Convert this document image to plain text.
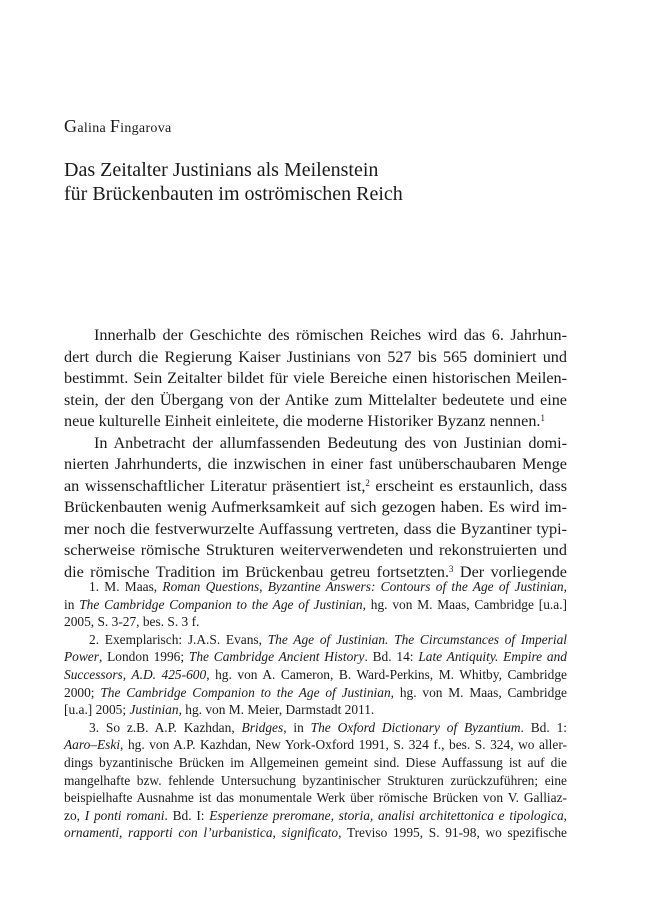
Galina Fingarova
Das Zeitalter Justinians als Meilenstein
für Brückenbauten im oströmischen Reich
Innerhalb der Geschichte des römischen Reiches wird das 6. Jahrhun-
dert durch die Regierung Kaiser Justinians von 527 bis 565 dominiert und
bestimmt. Sein Zeitalter bildet für viele Bereiche einen historischen Meilen-
stein, der den Übergang von der Antike zum Mittelalter bedeutete und eine
neue kulturelle Einheit einleitete, die moderne Historiker Byzanz nennen.$^1$
In Anbetracht der allumfassenden Bedeutung des von Justinian domi-
nierten Jahrhunderts, die inzwischen in einer fast unüberschaubaren Menge
an wissenschaftlicher Literatur präsentiert ist,$^2$ erscheint es erstaunlich, dass
Brückenbauten wenig Aufmerksamkeit auf sich gezogen haben. Es wird im-
mer noch die festverwurzelte Auffassung vertreten, dass die Byzantiner typi-
scherweise römische Strukturen weiterverwendeten und rekonstruierten und
die römische Tradition im Brückenbau getreu fortsetzten.$^3$ Der vorliegende
1. M. Maas, Roman Questions, Byzantine Answers: Contours of the Age of Justinian,
in The Cambridge Companion to the Age of Justinian, hg. von M. Maas, Cambridge [u.a.]
2005, S. 3-27, bes. S. 3 f.
2. Exemplarisch: J.A.S. Evans, The Age of Justinian. The Circumstances of Imperial
Power, London 1996; The Cambridge Ancient History. Bd. 14: Late Antiquity. Empire and
Successors, A.D. 425-600, hg. von A. Cameron, B. Ward-Perkins, M. Whitby, Cambridge
2000; The Cambridge Companion to the Age of Justinian, hg. von M. Maas, Cambridge
[u.a.] 2005; Justinian, hg. von M. Meier, Darmstadt 2011.
3. So z.B. A.P. Kazhdan, Bridges, in The Oxford Dictionary of Byzantium. Bd. 1:
Aaro–Eski, hg. von A.P. Kazhdan, New York-Oxford 1991, S. 324 f., bes. S. 324, wo aller-
dings byzantinische Brücken im Allgemeinen gemeint sind. Diese Auffassung ist auf die
mangelhafte bzw. fehlende Untersuchung byzantinischer Strukturen zurückzuführen; eine
beispielhafte Ausnahme ist das monumentale Werk über römische Brücken von V. Galliaz-
zo, I ponti romani. Bd. I: Esperienze preromane, storia, analisi architettonica e tipologica,
ornamenti, rapporti con l’urbanistica, significato, Treviso 1995, S. 91-98, wo spezifische
